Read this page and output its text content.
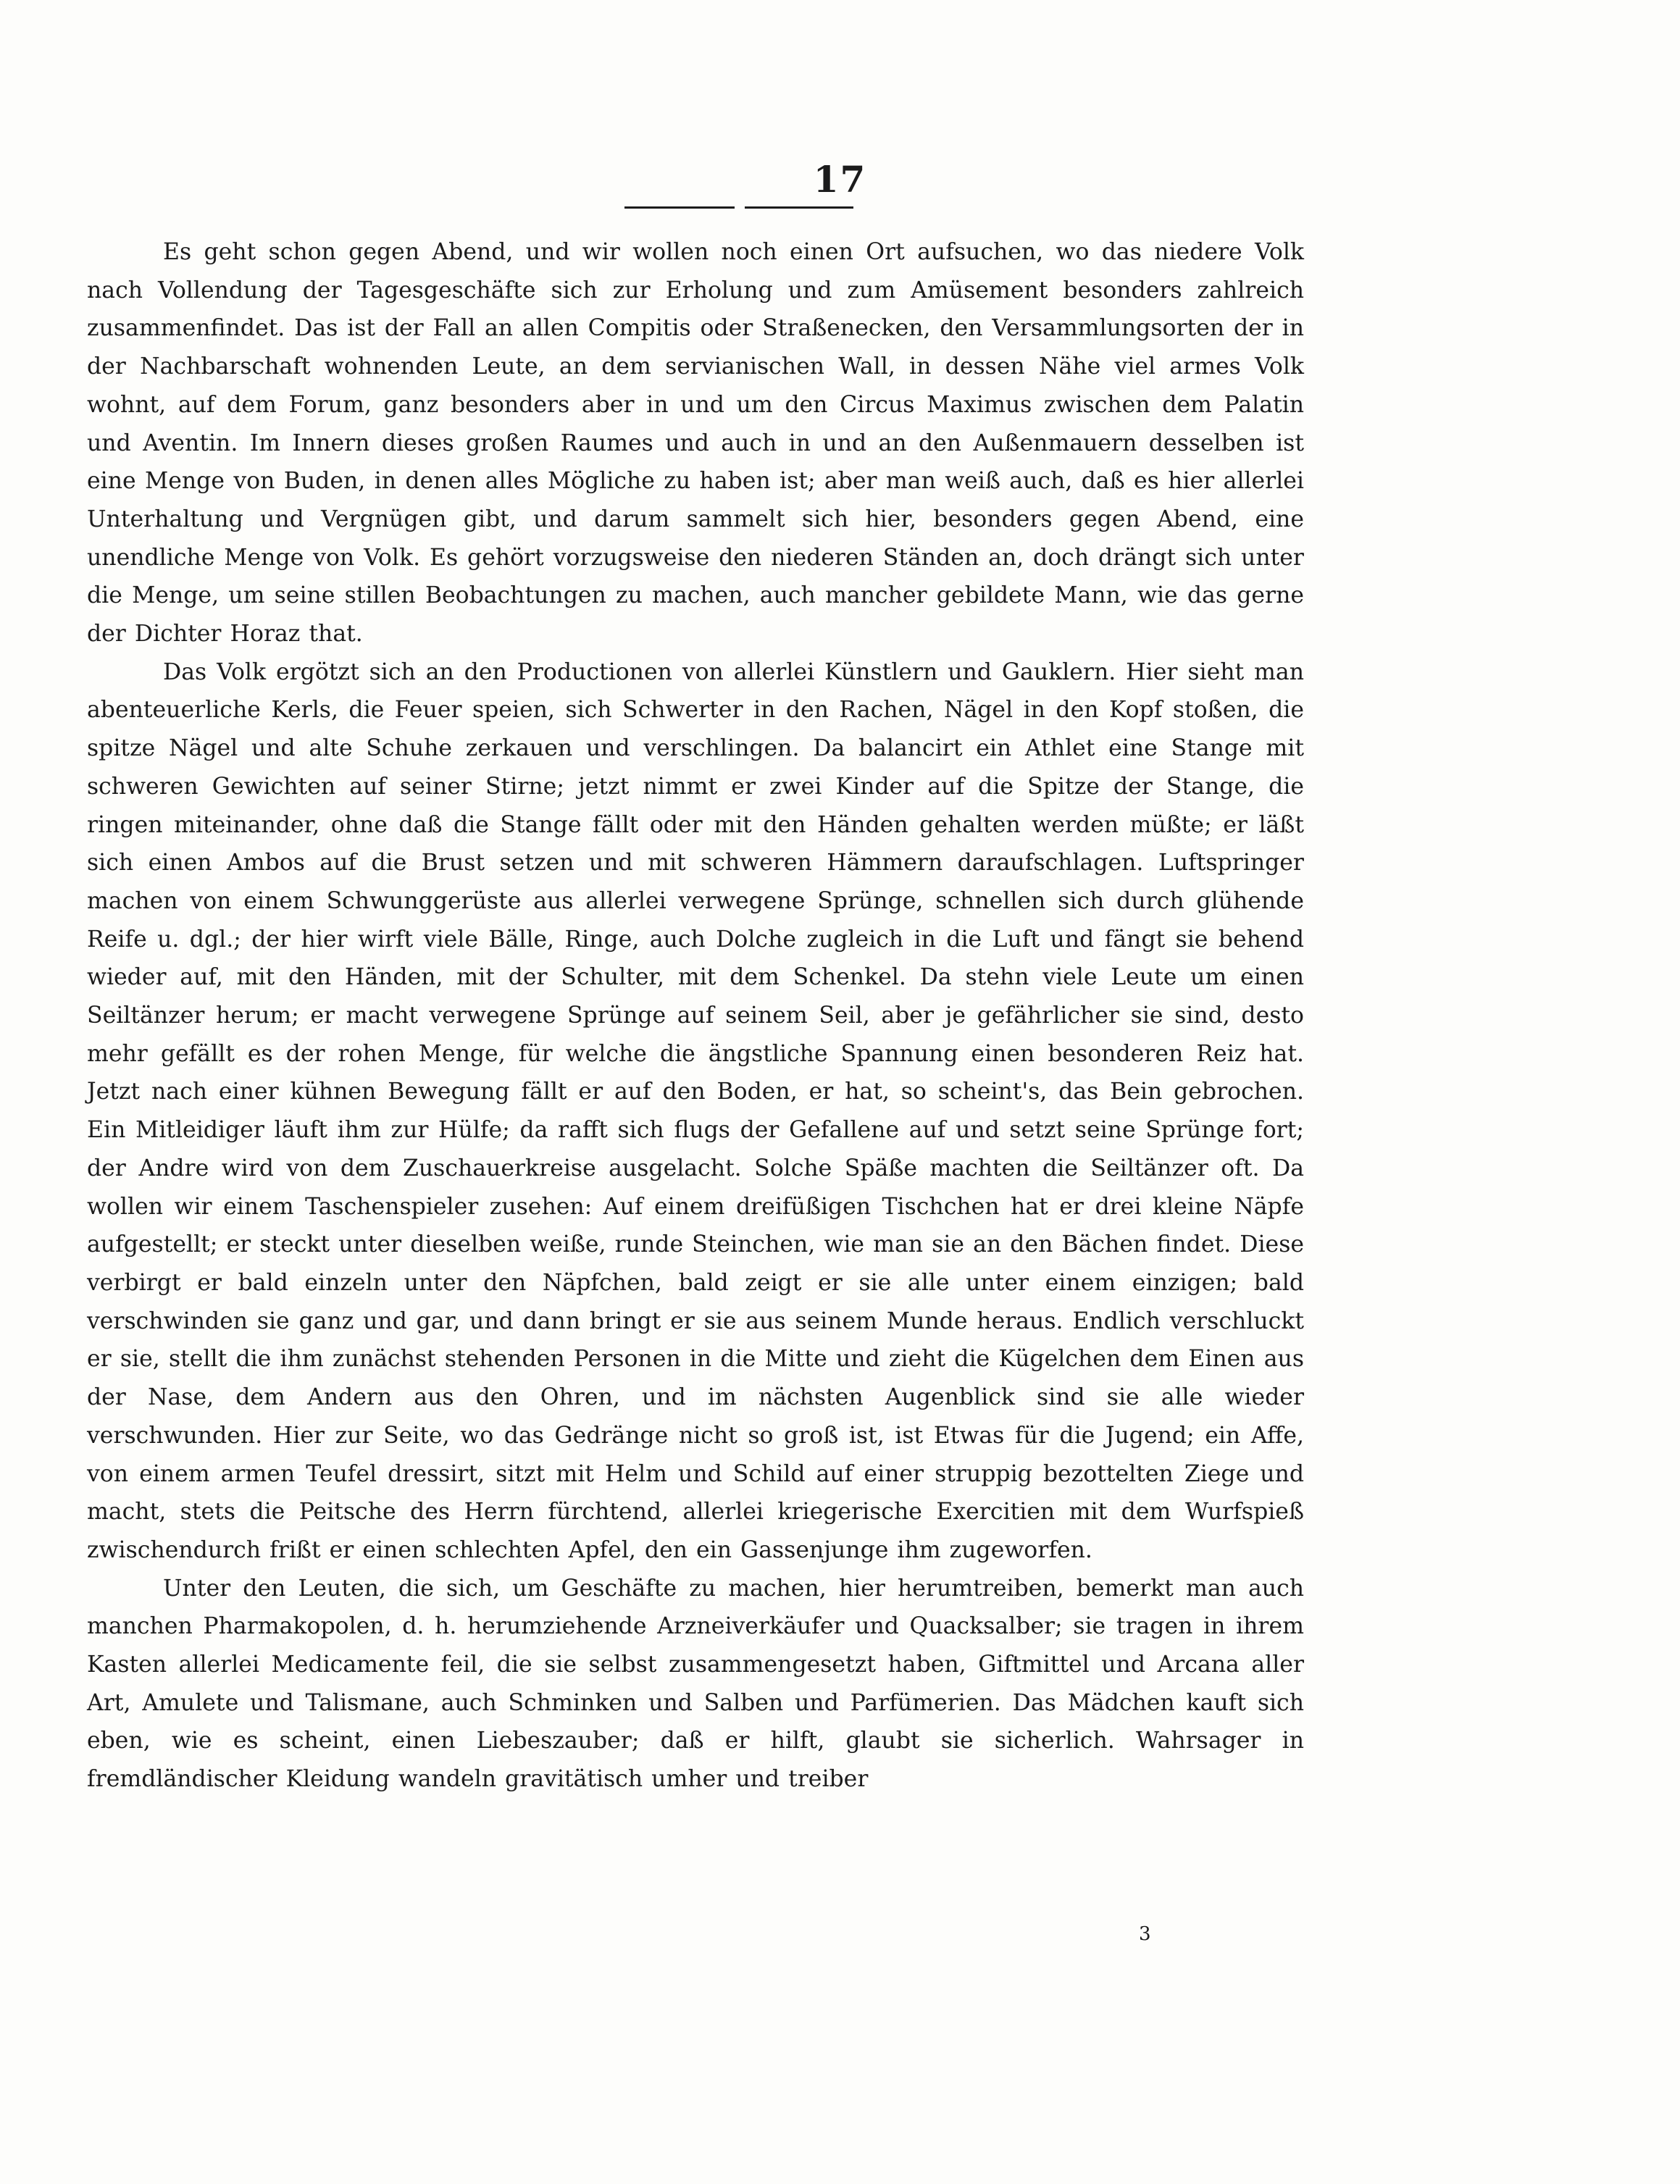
17

Es geht schon gegen Abend, und wir wollen noch einen Ort aufsuchen, wo das niedere Volk nach Vollendung der Tagesgeschäfte sich zur Erholung und zum Amüsement besonders zahlreich zusammenfindet. Das ist der Fall an allen Compitis oder Straßenecken, den Versammlungsorten der in der Nachbarschaft wohnenden Leute, an dem servianischen Wall, in dessen Nähe viel armes Volk wohnt, auf dem Forum, ganz besonders aber in und um den Circus Maximus zwischen dem Palatin und Aventin. Im Innern dieses großen Raumes und auch in und an den Außenmauern desselben ist eine Menge von Buden, in denen alles Mögliche zu haben ist; aber man weiß auch, daß es hier allerlei Unterhaltung und Vergnügen gibt, und darum sammelt sich hier, besonders gegen Abend, eine unendliche Menge von Volk. Es gehört vorzugsweise den niederen Ständen an, doch drängt sich unter die Menge, um seine stillen Beobachtungen zu machen, auch mancher gebildete Mann, wie das gerne der Dichter Horaz that.

Das Volk ergötzt sich an den Productionen von allerlei Künstlern und Gauklern. Hier sieht man abenteuerliche Kerls, die Feuer speien, sich Schwerter in den Rachen, Nägel in den Kopf stoßen, die spitze Nägel und alte Schuhe zerkauen und verschlingen. Da balancirt ein Athlet eine Stange mit schweren Gewichten auf seiner Stirne; jetzt nimmt er zwei Kinder auf die Spitze der Stange, die ringen miteinander, ohne daß die Stange fällt oder mit den Händen gehalten werden müßte; er läßt sich einen Ambos auf die Brust setzen und mit schweren Hämmern daraufschlagen. Luftspringer machen von einem Schwunggerüste aus allerlei verwegene Sprünge, schnellen sich durch glühende Reife u. dgl.; der hier wirft viele Bälle, Ringe, auch Dolche zugleich in die Luft und fängt sie behend wieder auf, mit den Händen, mit der Schulter, mit dem Schenkel. Da stehn viele Leute um einen Seiltänzer herum; er macht verwegene Sprünge auf seinem Seil, aber je gefährlicher sie sind, desto mehr gefällt es der rohen Menge, für welche die ängstliche Spannung einen besonderen Reiz hat. Jetzt nach einer kühnen Bewegung fällt er auf den Boden, er hat, so scheint's, das Bein gebrochen. Ein Mitleidiger läuft ihm zur Hülfe; da rafft sich flugs der Gefallene auf und setzt seine Sprünge fort; der Andre wird von dem Zuschauerkreise ausgelacht. Solche Späße machten die Seiltänzer oft. Da wollen wir einem Taschenspieler zusehen: Auf einem dreifüßigen Tischchen hat er drei kleine Näpfe aufgestellt; er steckt unter dieselben weiße, runde Steinchen, wie man sie an den Bächen findet. Diese verbirgt er bald einzeln unter den Näpfchen, bald zeigt er sie alle unter einem einzigen; bald verschwinden sie ganz und gar, und dann bringt er sie aus seinem Munde heraus. Endlich verschluckt er sie, stellt die ihm zunächst stehenden Personen in die Mitte und zieht die Kügelchen dem Einen aus der Nase, dem Andern aus den Ohren, und im nächsten Augenblick sind sie alle wieder verschwunden. Hier zur Seite, wo das Gedränge nicht so groß ist, ist Etwas für die Jugend; ein Affe, von einem armen Teufel dressirt, sitzt mit Helm und Schild auf einer struppig bezottelten Ziege und macht, stets die Peitsche des Herrn fürchtend, allerlei kriegerische Exercitien mit dem Wurfspieß zwischendurch frißt er einen schlechten Apfel, den ein Gassenjunge ihm zugeworfen.

Unter den Leuten, die sich, um Geschäfte zu machen, hier herumtreiben, bemerkt man auch manchen Pharmakopolen, d. h. herumziehende Arzneiverkäufer und Quacksalber; sie tragen in ihrem Kasten allerlei Medicamente feil, die sie selbst zusammengesetzt haben, Giftmittel und Arcana aller Art, Amulete und Talismane, auch Schminken und Salben und Parfümerien. Das Mädchen kauft sich eben, wie es scheint, einen Liebeszauber; daß er hilft, glaubt sie sicherlich. Wahrsager in fremdländischer Kleidung wandeln gravitätisch umher und treiber

3
